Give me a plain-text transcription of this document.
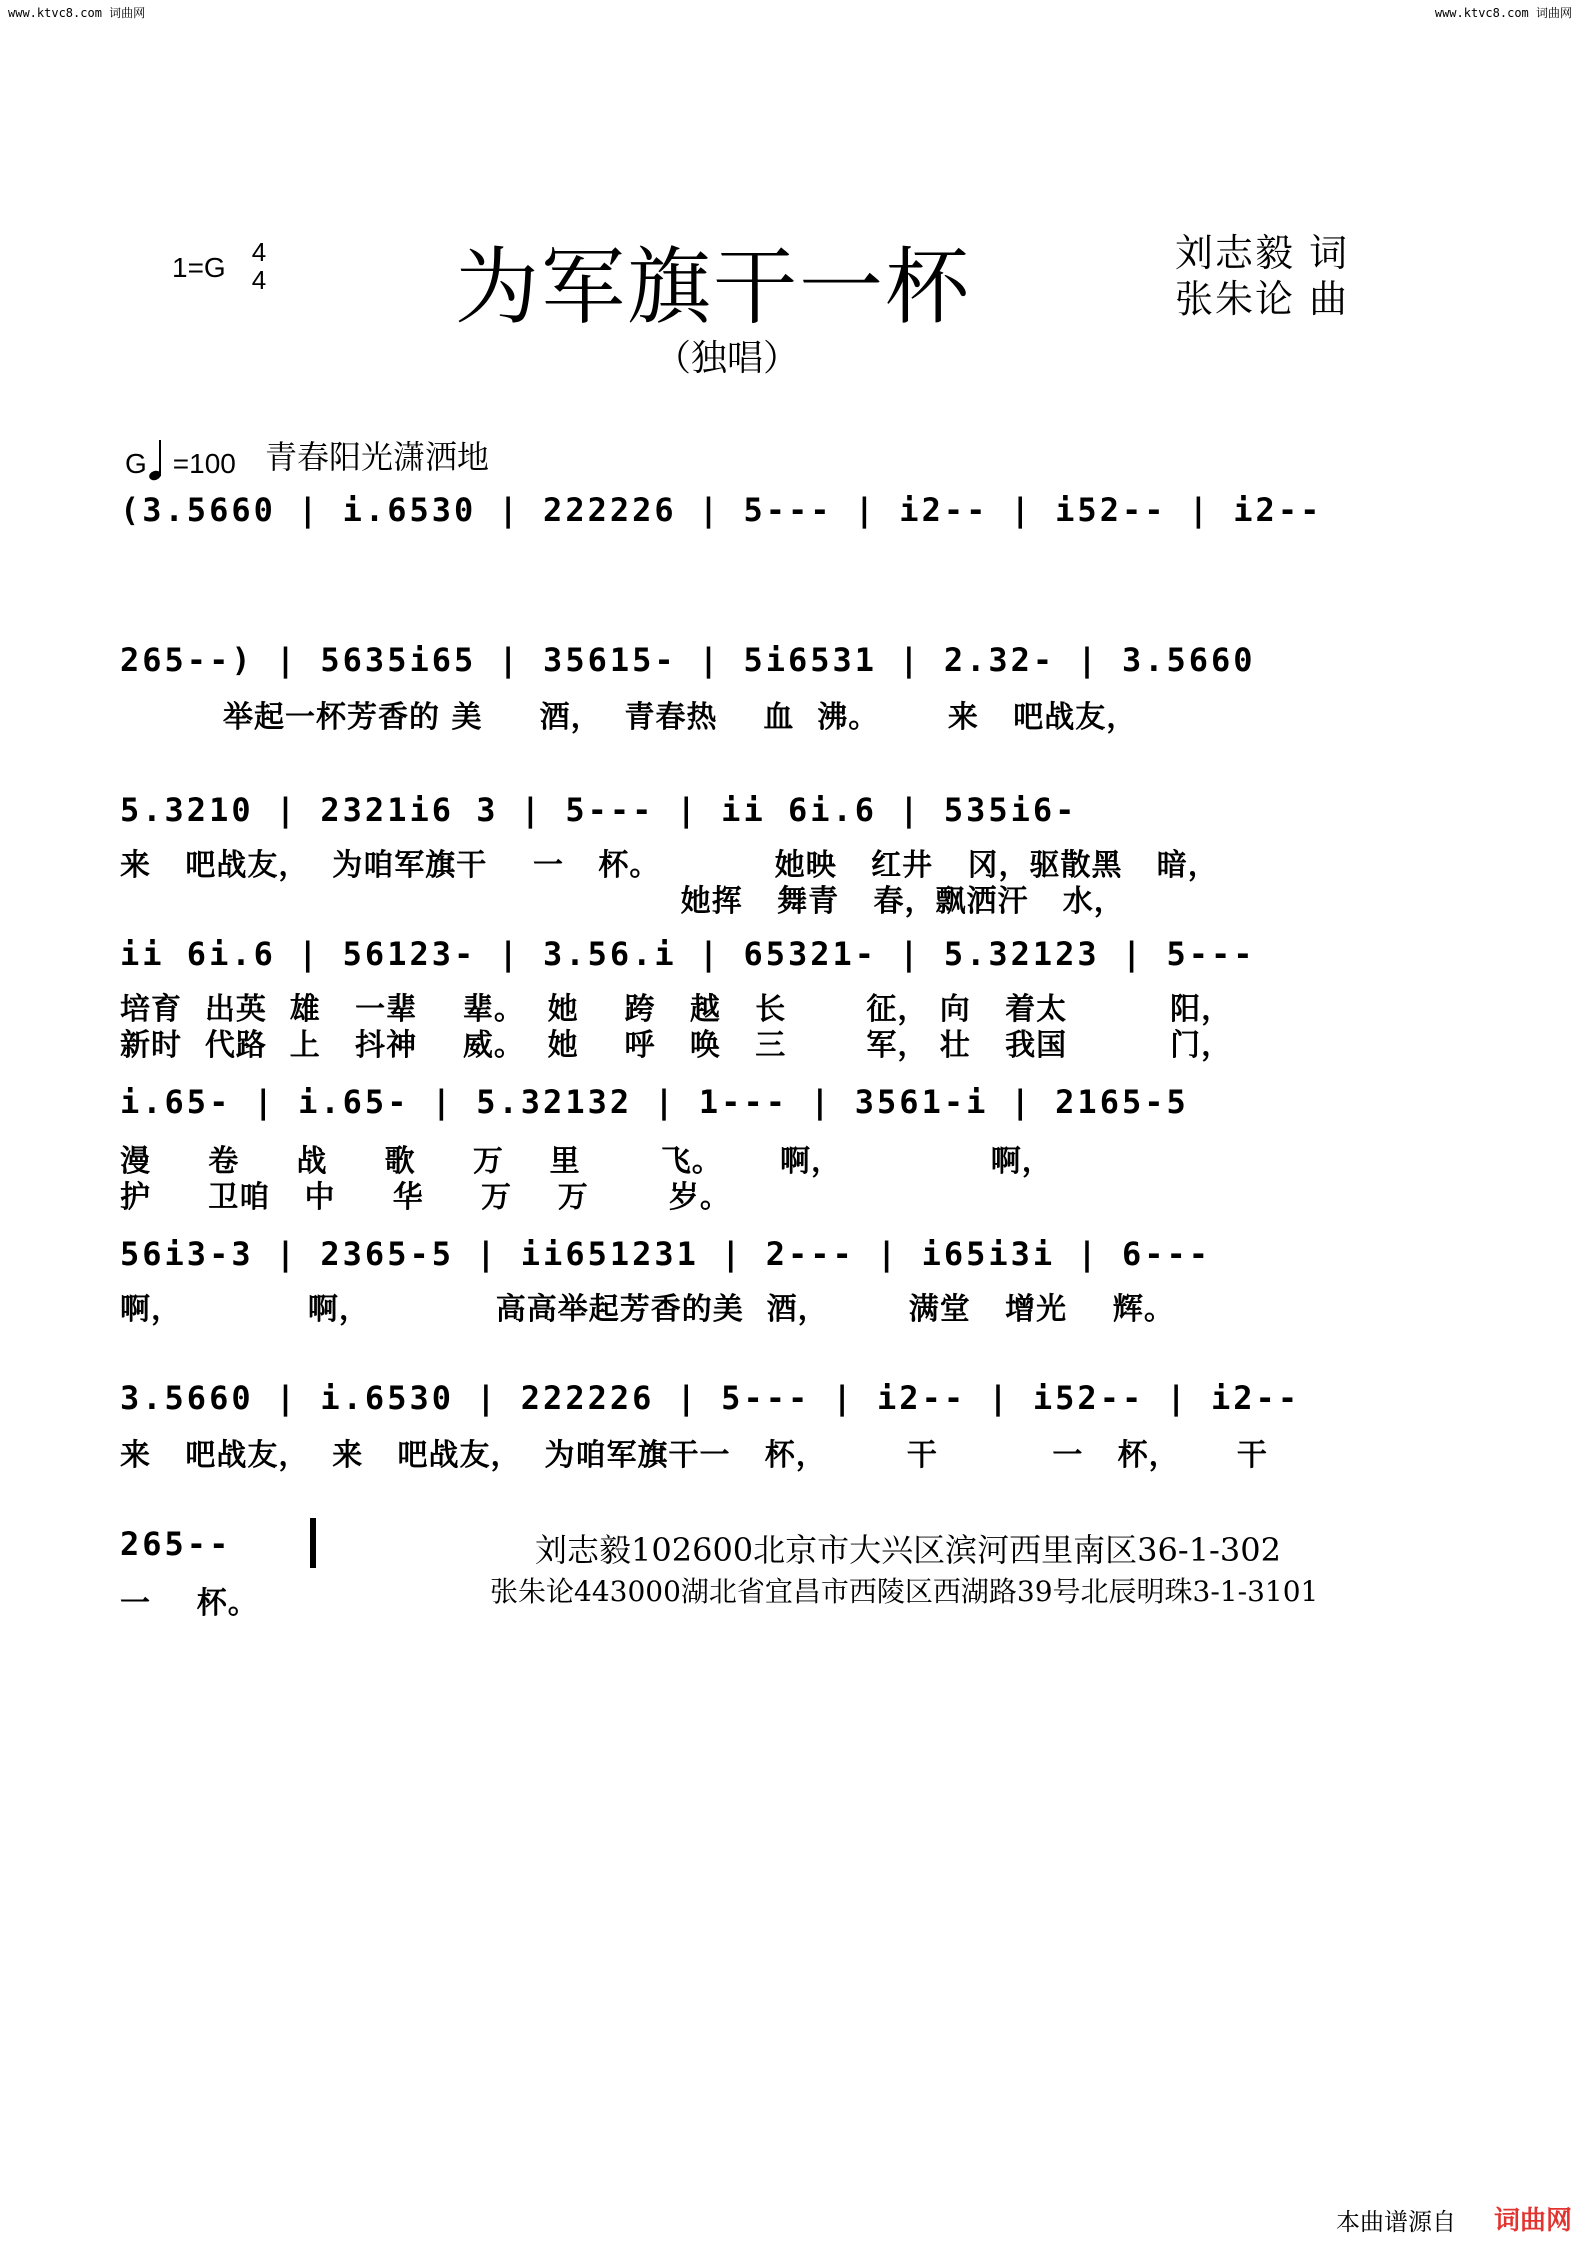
www.ktvc8.com 词曲网	www.ktvc8.com 词曲网
1=G 4
4 为军旗干一杯
（独唱）
刘志毅 词
张朱论 曲
G =100 青春阳光潇洒地
(3.5660 | i.6530 | 222226 | 5--- | i2-- | i52-- | i2--
265--) | 5635i65 | 35615- | 5i6531 | 2.32- | 3.5660
举起一杯芳香的 美     酒，  青春热    血  沸。      来   吧战友，
5.3210 | 2321i6 3 | 5--- | ii 6i.6 | 535i6-
来   吧战友，  为咱军旗干    一   杯。          她映   红井   冈，驱散黑   暗，
她挥   舞青   春，飘洒汗   水，
ii 6i.6 | 56123- | 3.56.i | 65321- | 5.32123 | 5---
培育  出英  雄   一辈    辈。  她    跨   越   长       征， 向   着太         阳，
新时  代路  上   抖神    威。  她    呼   唤   三       军， 壮   我国         门，
i.65- | i.65- | 5.32132 | 1--- | 3561-i | 2165-5
漫     卷     战     歌     万    里       飞。     啊，             啊，
护     卫咱   中     华     万    万       岁。
56i3-3 | 2365-5 | ii651231 | 2--- | i65i3i | 6---
啊，           啊，           高高举起芳香的美  酒，       满堂   增光    辉。
3.5660 | i.6530 | 222226 | 5--- | i2-- | i52-- | i2--
来   吧战友，  来   吧战友，  为咱军旗干一   杯，       干          一   杯，     干
265--
一    杯。
刘志毅102600北京市大兴区滨河西里南区36-1-302
张朱论443000湖北省宜昌市西陵区西湖路39号北辰明珠3-1-3101
本曲谱源自 词曲网
